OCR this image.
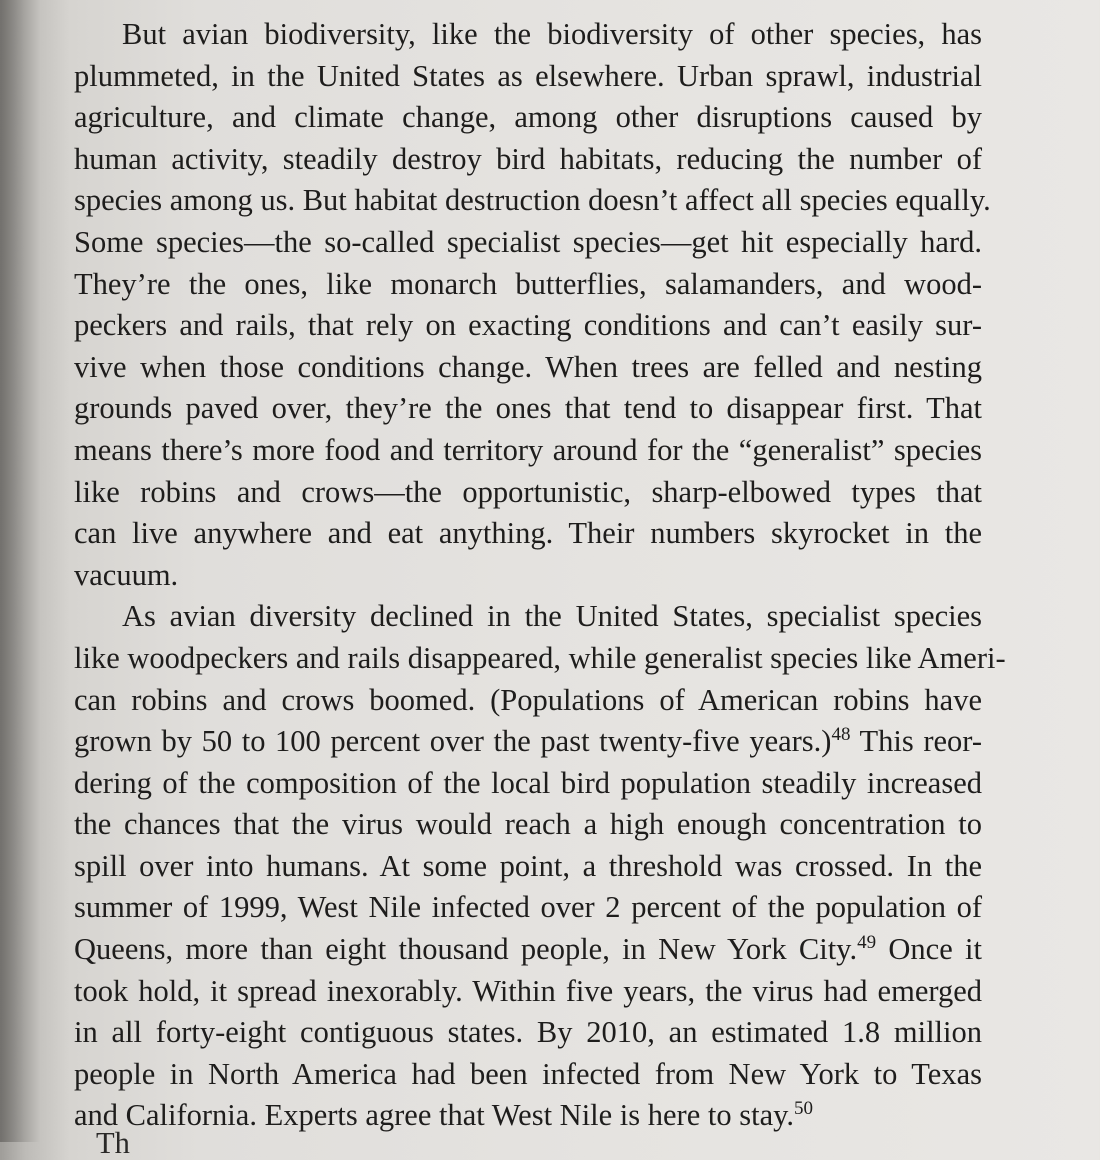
But avian biodiversity, like the biodiversity of other species, has
plummeted, in the United States as elsewhere. Urban sprawl, industrial
agriculture, and climate change, among other disruptions caused by
human activity, steadily destroy bird habitats, reducing the number of
species among us. But habitat destruction doesn’t affect all species equally.
Some species—the so-called specialist species—get hit especially hard.
They’re the ones, like monarch butterflies, salamanders, and wood-
peckers and rails, that rely on exacting conditions and can’t easily sur-
vive when those conditions change. When trees are felled and nesting
grounds paved over, they’re the ones that tend to disappear first. That
means there’s more food and territory around for the “generalist” species
like robins and crows—the opportunistic, sharp-elbowed types that
can live anywhere and eat anything. Their numbers skyrocket in the
vacuum.
As avian diversity declined in the United States, specialist species
like woodpeckers and rails disappeared, while generalist species like Ameri-
can robins and crows boomed. (Populations of American robins have
grown by 50 to 100 percent over the past twenty-five years.)$^{48}$ This reor-
dering of the composition of the local bird population steadily increased
the chances that the virus would reach a high enough concentration to
spill over into humans. At some point, a threshold was crossed. In the
summer of 1999, West Nile infected over 2 percent of the population of
Queens, more than eight thousand people, in New York City.$^{49}$ Once it
took hold, it spread inexorably. Within five years, the virus had emerged
in all forty-eight contiguous states. By 2010, an estimated 1.8 million
people in North America had been infected from New York to Texas
and California. Experts agree that West Nile is here to stay.$^{50}$
Th
